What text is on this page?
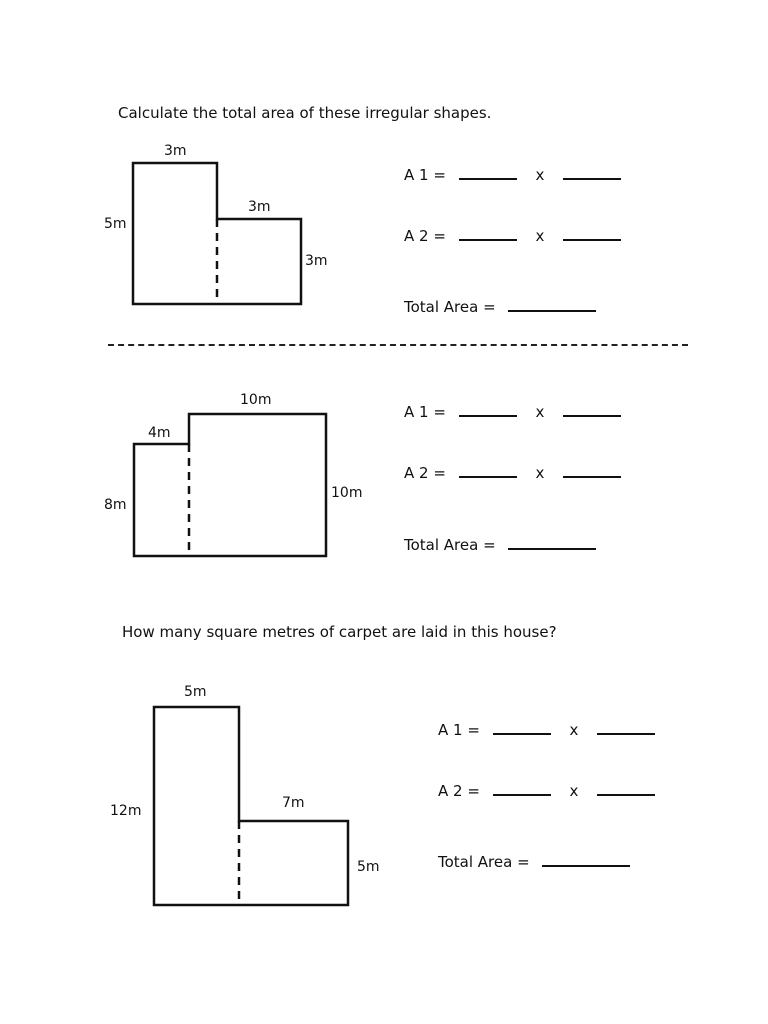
Calculate the total area of these irregular shapes.
3m
5m
3m
3m
A 1 =	x
A 2 =	x
Total Area =
10m
4m
8m
10m
A 1 =	x
A 2 =	x
Total Area =
How many square metres of carpet are laid in this house?
5m
12m	7m
5m
A 1 =	x
A 2 =	x
Total Area =
